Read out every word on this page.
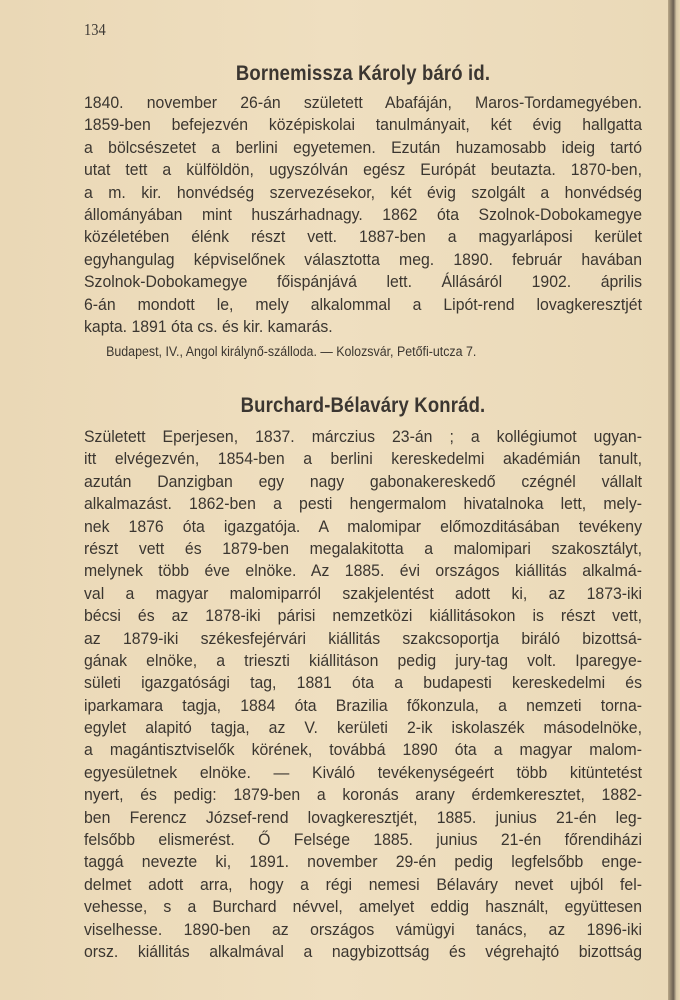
134
Bornemissza Károly báró id.
1840. november 26-án született Abafáján, Maros-Tordamegyében.
1859-ben befejezvén középiskolai tanulmányait, két évig hallgatta
a bölcsészetet a berlini egyetemen. Ezután huzamosabb ideig tartó
utat tett a külföldön, ugyszólván egész Európát beutazta. 1870-ben,
a m. kir. honvédség szervezésekor, két évig szolgált a honvédség
állományában mint huszárhadnagy. 1862 óta Szolnok-Dobokamegye
közéletében élénk részt vett. 1887-ben a magyarláposi kerület
egyhangulag képviselőnek választotta meg. 1890. február havában
Szolnok-Dobokamegye főispánjává lett. Állásáról 1902. április
6-án mondott le, mely alkalommal a Lipót-rend lovagkeresztjét
kapta. 1891 óta cs. és kir. kamarás.
Budapest, IV., Angol királynő-szálloda. — Kolozsvár, Petőfi-utcza 7.
Burchard-Bélaváry Konrád.
Született Eperjesen, 1837. márczius 23-án ; a kollégiumot ugyan-
itt elvégezvén, 1854-ben a berlini kereskedelmi akadémián tanult,
azután Danzigban egy nagy gabonakereskedő czégnél vállalt
alkalmazást. 1862-ben a pesti hengermalom hivatalnoka lett, mely-
nek 1876 óta igazgatója. A malomipar előmozditásában tevékeny
részt vett és 1879-ben megalakitotta a malomipari szakosztályt,
melynek több éve elnöke. Az 1885. évi országos kiállitás alkalmá-
val a magyar malomiparról szakjelentést adott ki, az 1873-iki
bécsi és az 1878-iki párisi nemzetközi kiállitásokon is részt vett,
az 1879-iki székesfejérvári kiállitás szakcsoportja biráló bizottsá-
gának elnöke, a trieszti kiállitáson pedig jury-tag volt. Iparegye-
sületi igazgatósági tag, 1881 óta a budapesti kereskedelmi és
iparkamara tagja, 1884 óta Brazilia főkonzula, a nemzeti torna-
egylet alapitó tagja, az V. kerületi 2-ik iskolaszék másodelnöke,
a magántisztviselők körének, továbbá 1890 óta a magyar malom-
egyesületnek elnöke. — Kiváló tevékenységeért több kitüntetést
nyert, és pedig: 1879-ben a koronás arany érdemkeresztet, 1882-
ben Ferencz József-rend lovagkeresztjét, 1885. junius 21-én leg-
felsőbb elismerést. Ő Felsége 1885. junius 21-én főrendiházi
taggá nevezte ki, 1891. november 29-én pedig legfelsőbb enge-
delmet adott arra, hogy a régi nemesi Bélaváry nevet ujból fel-
vehesse, s a Burchard névvel, amelyet eddig használt, együttesen
viselhesse. 1890-ben az országos vámügyi tanács, az 1896-iki
orsz. kiállitás alkalmával a nagybizottság és végrehajtó bizottság
